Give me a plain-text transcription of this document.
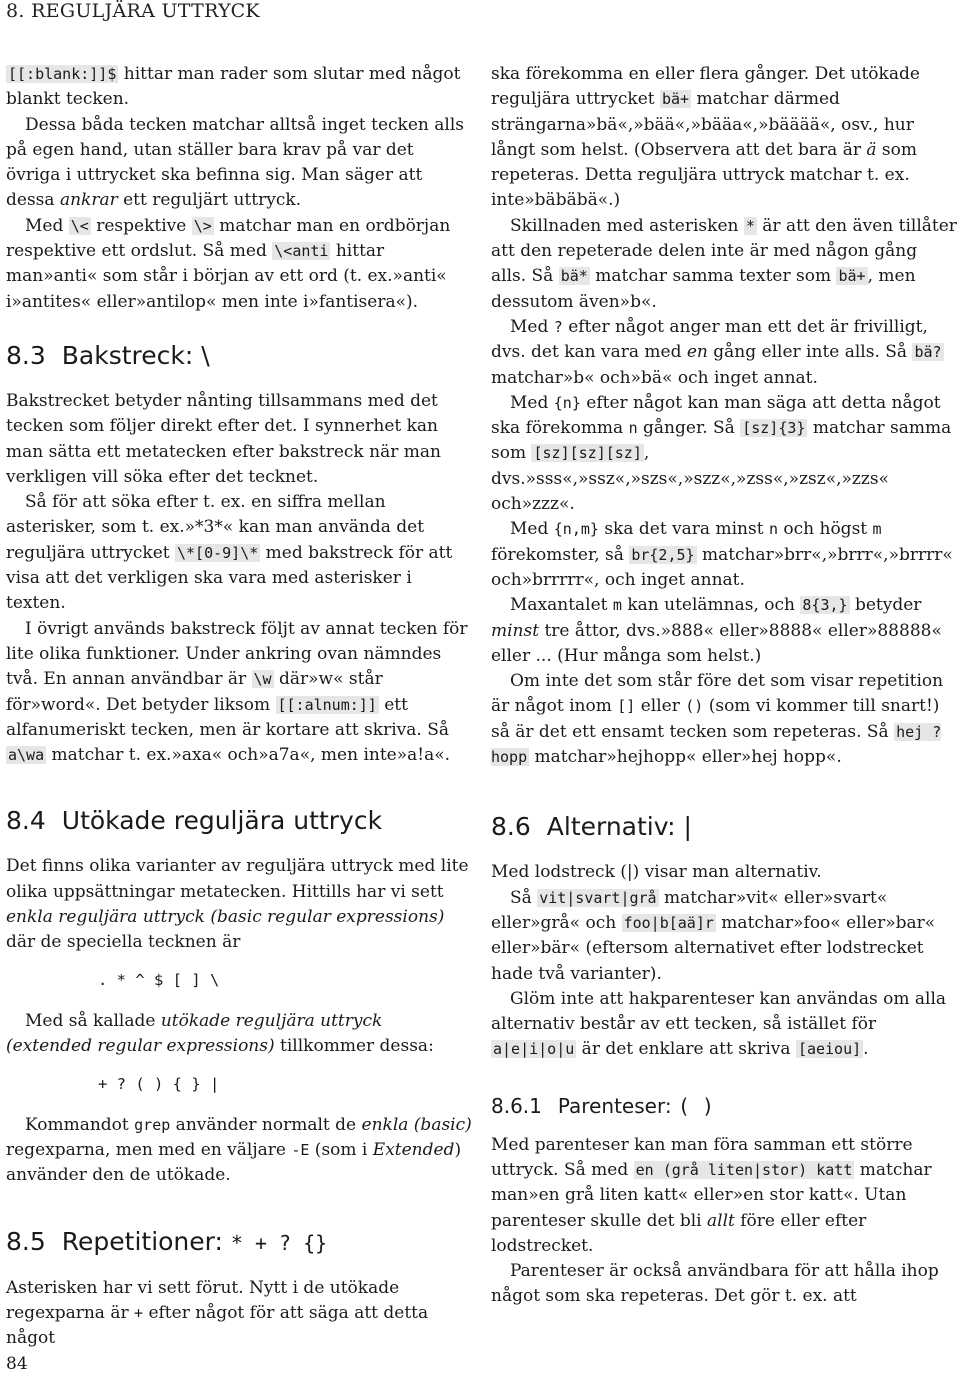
8. REGULJÄRA UTTRYCK

[[:blank:]]$ hittar man rader som slutar med något blankt tecken.

Dessa båda tecken matchar alltså inget tecken alls på egen hand, utan ställer bara krav på var det övriga i uttrycket ska befinna sig. Man säger att dessa ankrar ett reguljärt uttryck.

Med \< respektive \> matchar man en ordbörjan respektive ett ordslut. Så med \<anti hittar man»anti« som står i början av ett ord (t. ex.»anti« i»antites« eller»antilop« men inte i»fantisera«).

8.3 Bakstreck: \

Bakstrecket betyder nånting tillsammans med det tecken som följer direkt efter det. I synnerhet kan man sätta ett metatecken efter bakstreck när man verkligen vill söka efter det tecknet.

Så för att söka efter t. ex. en siffra mellan asterisker, som t. ex.»*3*« kan man använda det reguljära uttrycket \*[0-9]\* med bakstreck för att visa att det verkligen ska vara med asterisker i texten.

I övrigt används bakstreck följt av annat tecken för lite olika funktioner. Under ankring ovan nämndes två. En annan användbar är \w där»w« står för»word«. Det betyder liksom [[:alnum:]] ett alfanumeriskt tecken, men är kortare att skriva. Så a\wa matchar t. ex.»axa« och»a7a«, men inte»a!a«.

8.4 Utökade reguljära uttryck

Det finns olika varianter av reguljära uttryck med lite olika uppsättningar metatecken. Hittills har vi sett enkla reguljära uttryck (basic regular expressions) där de speciella tecknen är

. * ^ $ [ ] \

Med så kallade utökade reguljära uttryck (extended regular expressions) tillkommer dessa:

+ ? ( ) { } |

Kommandot grep använder normalt de enkla (basic) regexparna, men med en väljare -E (som i Extended) använder den de utökade.

8.5 Repetitioner: * + ? {}

Asterisken har vi sett förut. Nytt i de utökade regexparna är + efter något för att säga att detta något

ska förekomma en eller flera gånger. Det utökade reguljära uttrycket bä+ matchar därmed strängarna»bä«,»bää«,»bääa«,»bääää«, osv., hur långt som helst. (Observera att det bara är ä som repeteras. Detta reguljära uttryck matchar t. ex. inte»bäbäbä«.)

Skillnaden med asterisken * är att den även tillåter att den repeterade delen inte är med någon gång alls. Så bä* matchar samma texter som bä+ , men dessutom även»b«.

Med ? efter något anger man ett det är frivilligt, dvs. det kan vara med en gång eller inte alls. Så bä? matchar»b« och»bä« och inget annat.

Med {n} efter något kan man säga att detta något ska förekomma n gånger. Så [sz]{3} matchar samma som [sz][sz][sz] , dvs.»sss«,»ssz«,»szs«,»szz«,»zss«,»zsz«,»zzs« och»zzz«.

Med {n,m} ska det vara minst n och högst m förekomster, så br{2,5} matchar»brr«,»brrr«,»brrrr« och»brrrrr«, och inget annat.

Maxantalet m kan utelämnas, och 8{3,} betyder minst tre åttor, dvs.»888« eller»8888« eller»88888« eller ... (Hur många som helst.)

Om inte det som står före det som visar repetition är något inom [] eller () (som vi kommer till snart!) så är det ett ensamt tecken som repeteras. Så hej ?hopp matchar»hejhopp« eller»hej hopp«.

8.6 Alternativ: |

Med lodstreck (|) visar man alternativ.

Så vit|svart|grå matchar»vit« eller»svart« eller»grå« och foo|b[aä]r matchar»foo« eller»bar« eller»bär« (eftersom alternativet efter lodstrecket hade två varianter).

Glöm inte att hakparenteser kan användas om alla alternativ består av ett tecken, så istället för a|e|i|o|u är det enklare att skriva [aeiou] .

8.6.1 Parenteser: ( )

Med parenteser kan man föra samman ett större uttryck. Så med en (grå liten|stor) katt matchar man»en grå liten katt« eller»en stor katt«. Utan parenteser skulle det bli allt före eller efter lodstrecket.

Parenteser är också användbara för att hålla ihop något som ska repeteras. Det gör t. ex. att

84
